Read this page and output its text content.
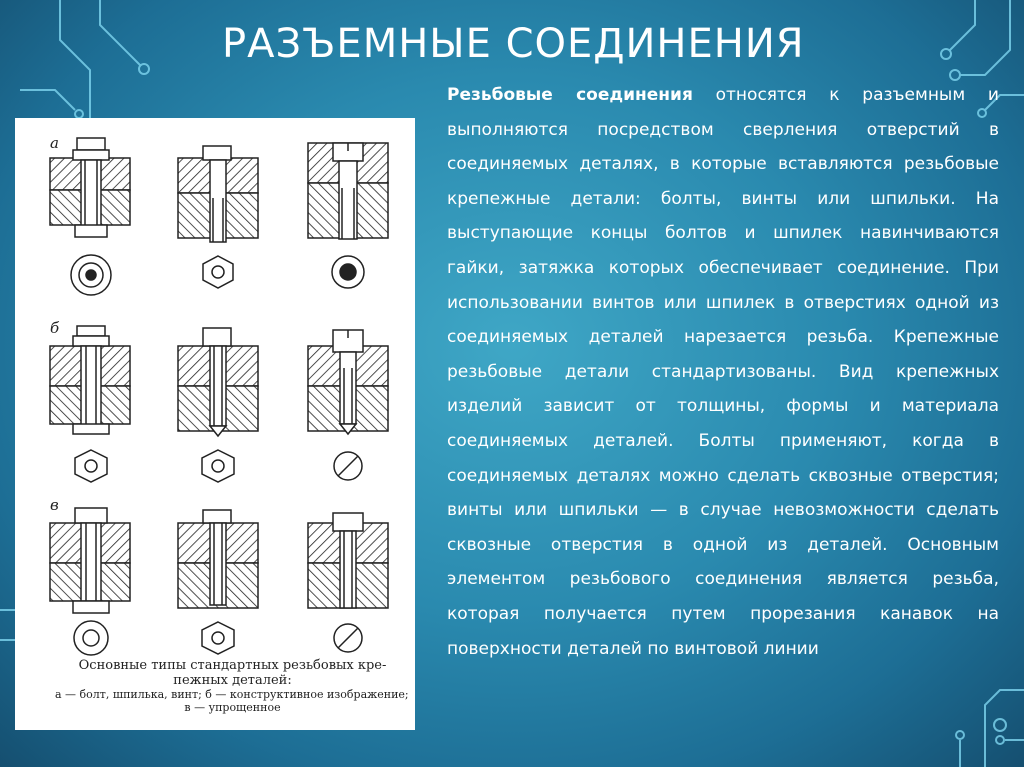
РАЗЪЕМНЫЕ СОЕДИНЕНИЯ
а
б
в
Основные типы стандартных резьбовых кре-
пежных деталей:
а — болт, шпилька, винт; б — конструктивное изображение;
в — упрощенное
Резьбовые соединения относятся к разъемным и выполняются посредством сверления отверстий в соединяемых деталях, в которые вставляются резьбовые крепежные детали: болты, винты или шпильки. На выступающие концы болтов и шпилек навинчиваются гайки, затяжка которых обеспечивает соединение. При использовании винтов или шпилек в отверстиях одной из соединяемых деталей нарезается резьба. Крепежные резьбовые детали стандартизованы. Вид крепежных изделий зависит от толщины, формы и материала соединяемых деталей. Болты применяют, когда в соединяемых деталях можно сделать сквозные отверстия; винты или шпильки — в случае невозможности сделать сквозные отверстия в одной из деталей. Основным элементом резьбового соединения является резьба, которая получается путем прорезания канавок на поверхности деталей по винтовой линии
